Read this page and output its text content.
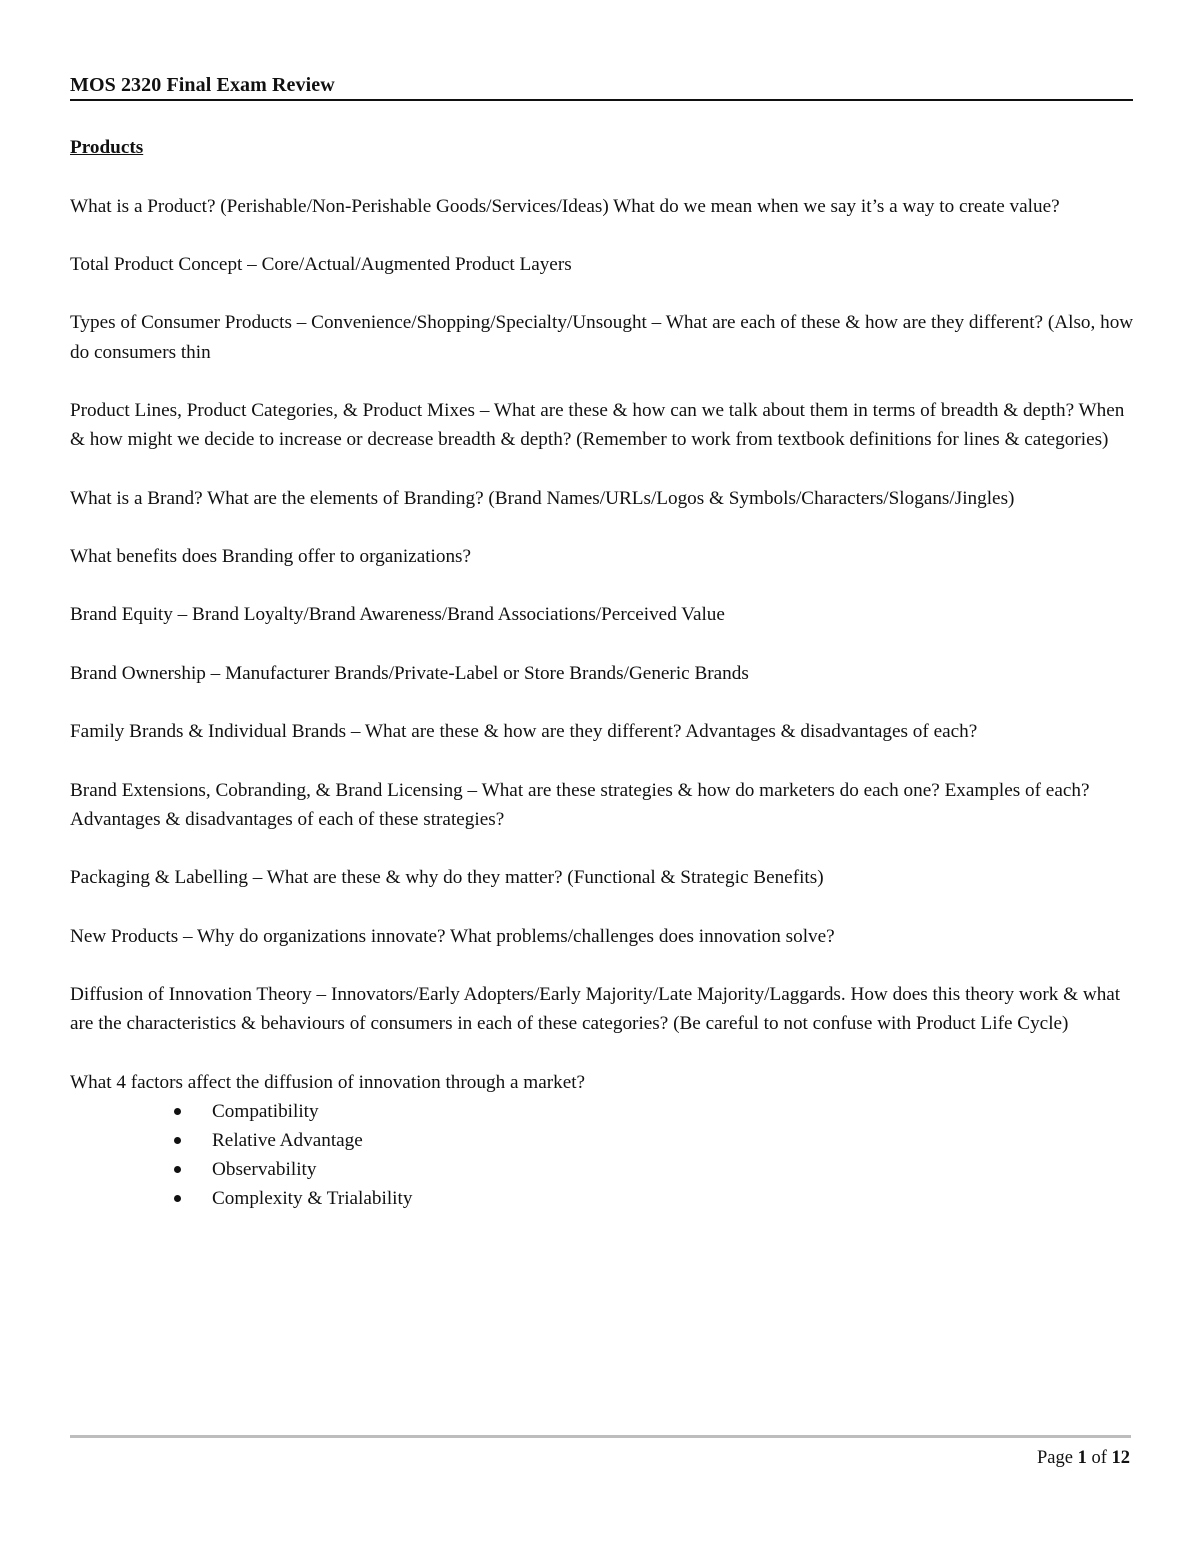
MOS 2320 Final Exam Review
Products

What is a Product? (Perishable/Non-Perishable Goods/Services/Ideas) What do we mean when we say it’s a way to create value?

Total Product Concept – Core/Actual/Augmented Product Layers

Types of Consumer Products – Convenience/Shopping/Specialty/Unsought – What are each of these & how are they different? (Also, how do consumers thin

Product Lines, Product Categories, & Product Mixes – What are these & how can we talk about them in terms of breadth & depth? When & how might we decide to increase or decrease breadth & depth? (Remember to work from textbook definitions for lines & categories)

What is a Brand? What are the elements of Branding? (Brand Names/URLs/Logos & Symbols/Characters/Slogans/Jingles)

What benefits does Branding offer to organizations?

Brand Equity – Brand Loyalty/Brand Awareness/Brand Associations/Perceived Value

Brand Ownership – Manufacturer Brands/Private-Label or Store Brands/Generic Brands

Family Brands & Individual Brands – What are these & how are they different? Advantages & disadvantages of each?

Brand Extensions, Cobranding, & Brand Licensing – What are these strategies & how do marketers do each one? Examples of each? Advantages & disadvantages of each of these strategies?

Packaging & Labelling – What are these & why do they matter? (Functional & Strategic Benefits)

New Products – Why do organizations innovate? What problems/challenges does innovation solve?

Diffusion of Innovation Theory – Innovators/Early Adopters/Early Majority/Late Majority/Laggards. How does this theory work & what are the characteristics & behaviours of consumers in each of these categories? (Be careful to not confuse with Product Life Cycle)

What 4 factors affect the diffusion of innovation through a market?
Compatibility
Relative Advantage
Observability
Complexity & Trialability
Page 1 of 12
